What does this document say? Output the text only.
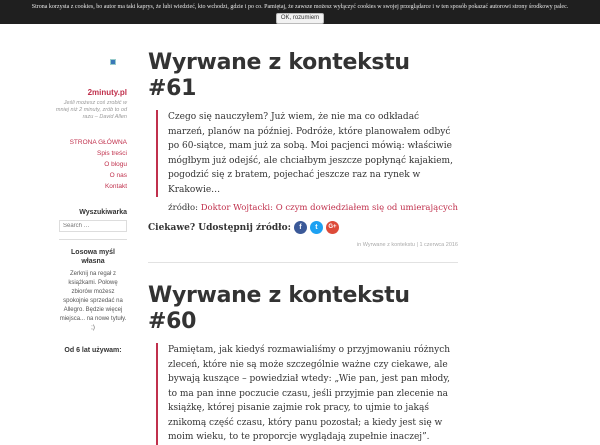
Strona korzysta z cookies, bo autor ma taki kaprys, że lubi wiedzieć, kto wchodzi, gdzie i po co. Pamiętaj, że zawsze możesz wyłączyć cookies w swojej przeglądarce i w ten sposób pokazać autorowi strony środkowy palec.
OK, rozumiem
2minuty.pl
Jeśli możesz coś zrobić w mniej niż 2 minuty, zrób to od razu – David Allen
STRONA GŁÓWNA
Spis treści
O blogu
O nas
Kontakt
Wyszukiwarka
Search …
Losowa myśl własna
Zerknij na regał z książkami. Połowę zbiorów możesz spokojnie sprzedać na Allegro. Będzie więcej miejsca... na nowe tytuły. ;)
Od 6 lat używam:
Wyrwane z kontekstu #61
Czego się nauczyłem? Już wiem, że nie ma co odkładać marzeń, planów na później. Podróże, które planowałem odbyć po 60-siątce, mam już za sobą. Moi pacjenci mówią: właściwie mógłbym już odejść, ale chciałbym jeszcze popłynąć kajakiem, pogodzić się z bratem, pojechać jeszcze raz na rynek w Krakowie…
źródło: Doktor Wojtacki: O czym dowiedziałem się od umierających
Ciekawe? Udostępnij źródło:	f	t	G+
in Wyrwane z kontekstu | 1 czerwca 2016
Wyrwane z kontekstu #60
Pamiętam, jak kiedyś rozmawialiśmy o przyjmowaniu różnych zleceń, które nie są może szczególnie ważne czy ciekawe, ale bywają kuszące – powiedział wtedy: „Wie pan, jest pan młody, to ma pan inne poczucie czasu, jeśli przyjmie pan zlecenie na książkę, której pisanie zajmie rok pracy, to ujmie to jakąś znikomą część czasu, który panu pozostał; a kiedy jest się w moim wieku, to te proporcje wyglądają zupełnie inaczej”.
